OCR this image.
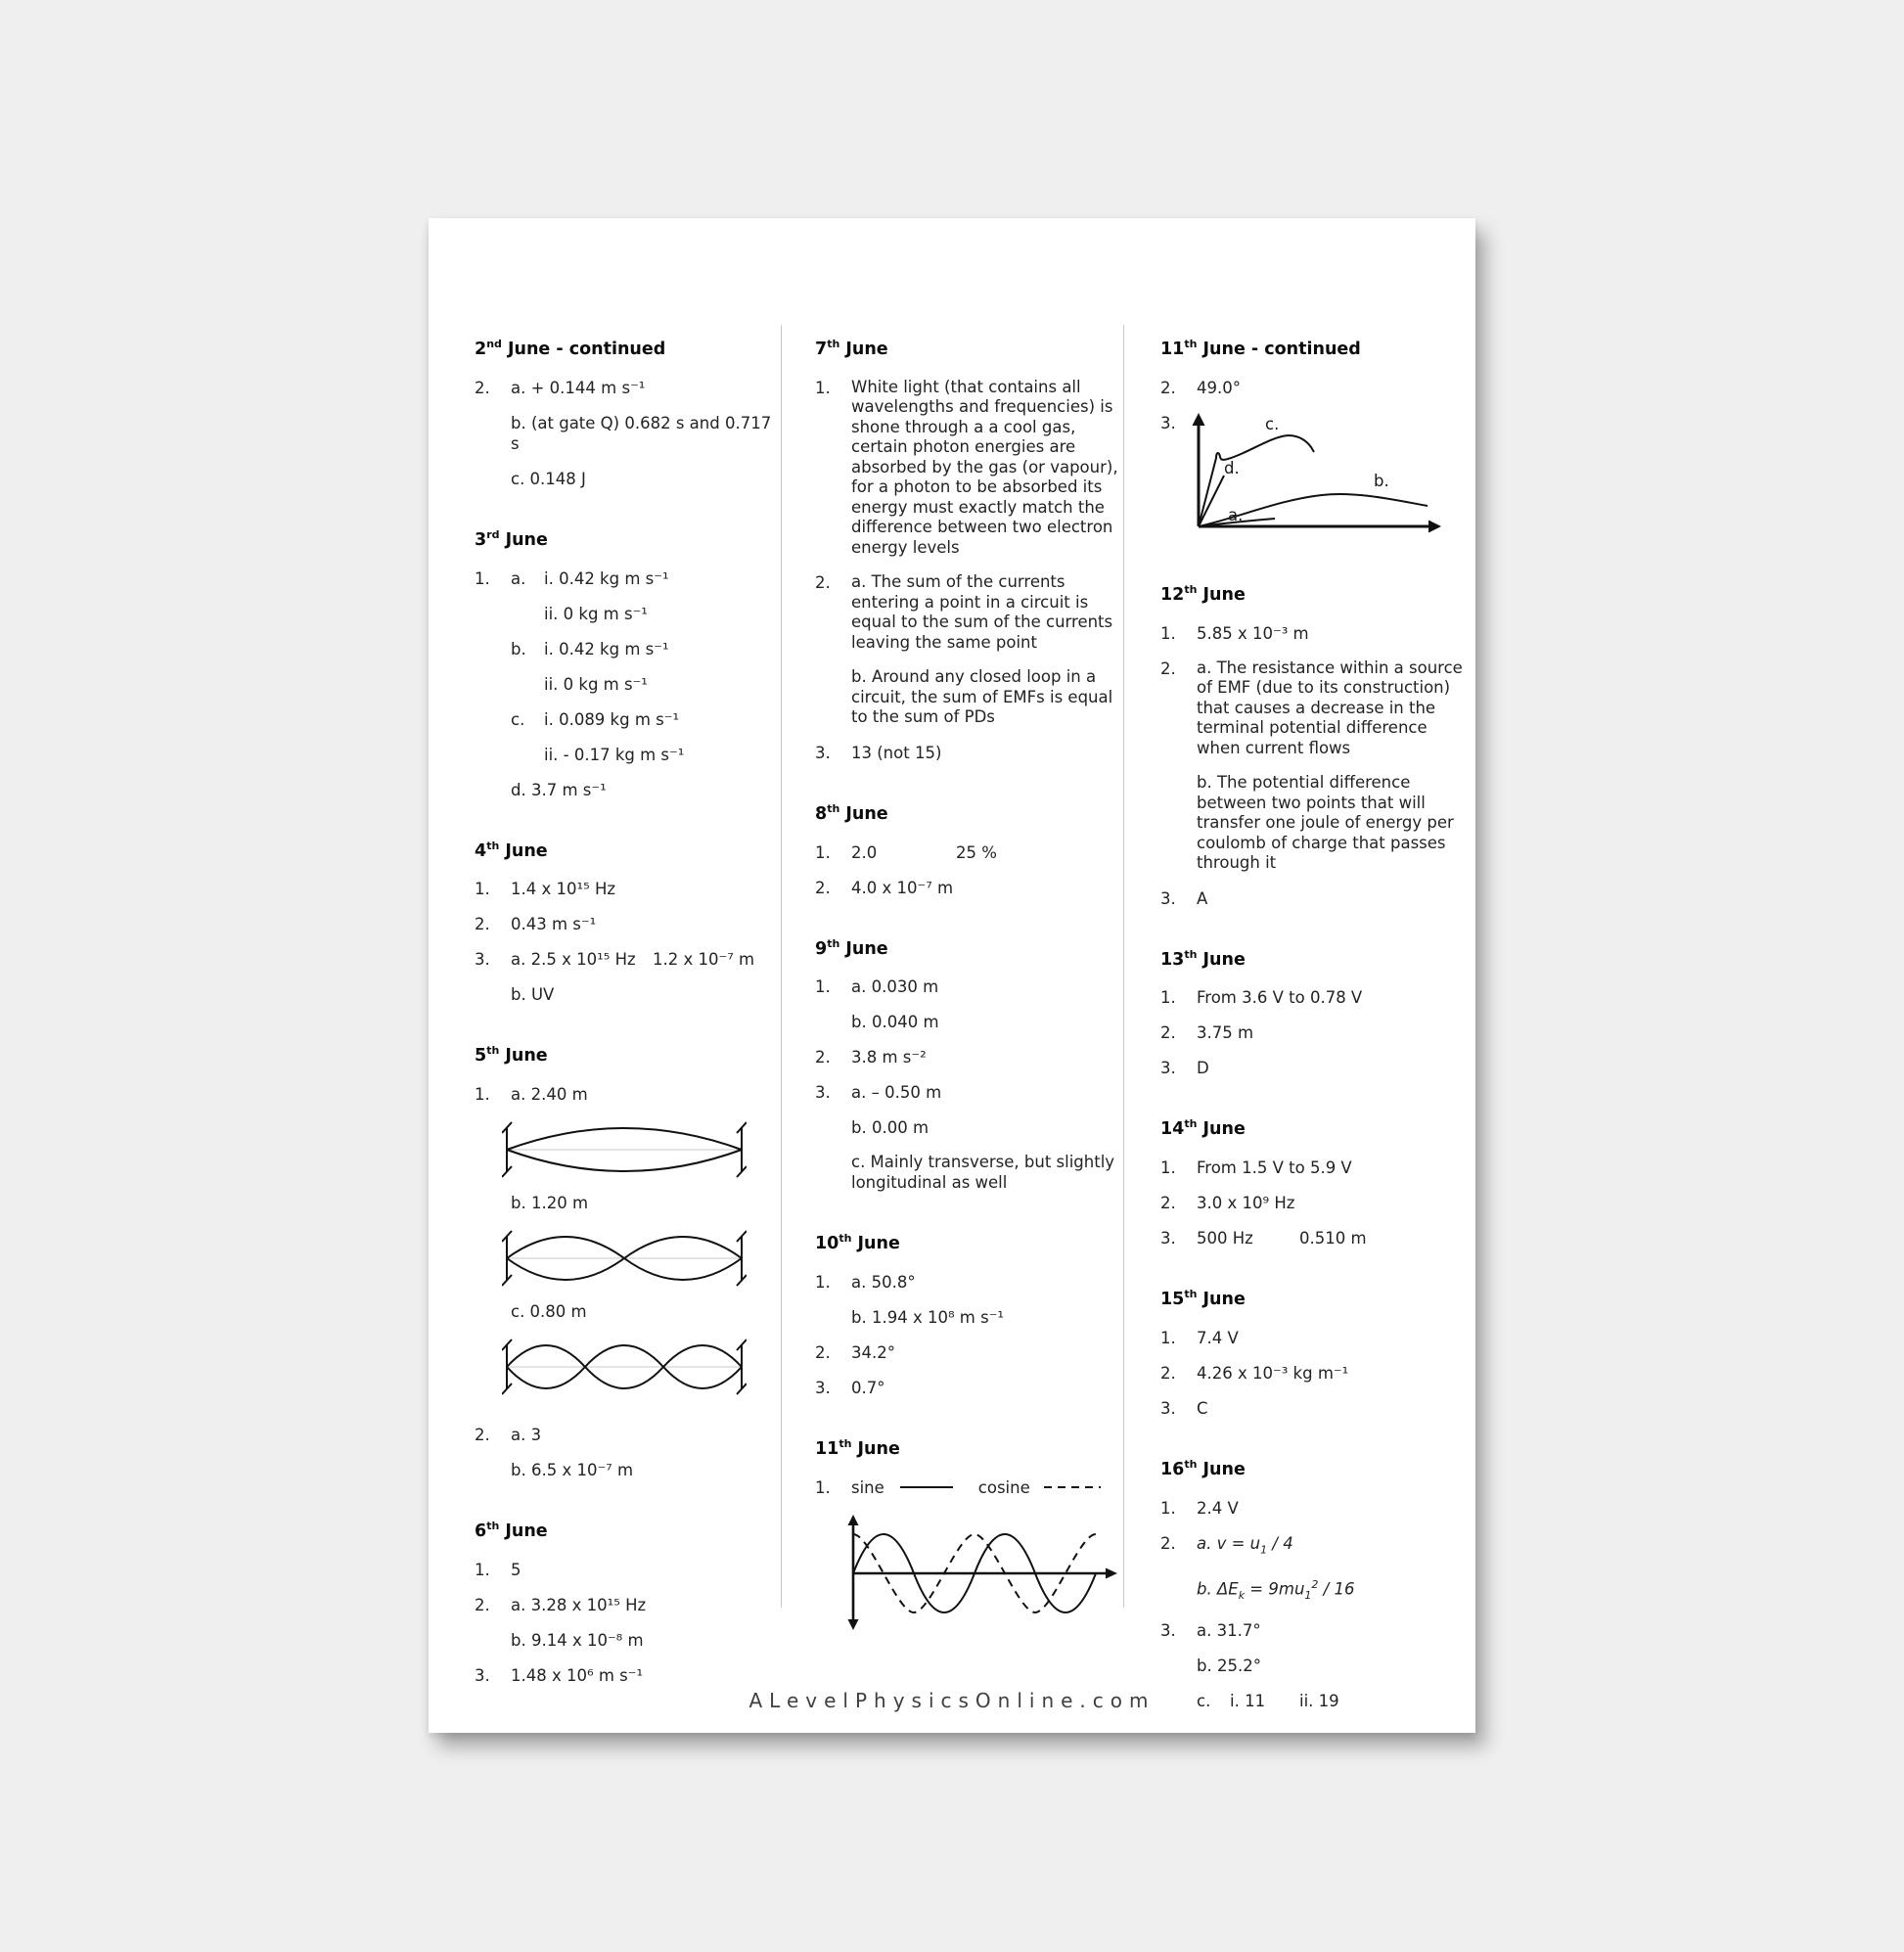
2nd June - continued
2.	a. + 0.144 m s⁻¹
b. (at gate Q) 0.682 s and 0.717 s
c. 0.148 J
3rd June
1.	a.	i. 0.42 kg m s⁻¹
ii. 0 kg m s⁻¹
b.	i. 0.42 kg m s⁻¹
ii. 0 kg m s⁻¹
c.	i. 0.089 kg m s⁻¹
ii. - 0.17 kg m s⁻¹
d. 3.7 m s⁻¹
4th June
1.	1.4 x 10¹⁵ Hz
2.	0.43 m s⁻¹
3.	a. 2.5 x 10¹⁵ Hz 1.2 x 10⁻⁷ m
b. UV
5th June
1.	a. 2.40 m
b. 1.20 m
c. 0.80 m
2.	a. 3
b. 6.5 x 10⁻⁷ m
6th June
1.	5
2.	a. 3.28 x 10¹⁵ Hz
b. 9.14 x 10⁻⁸ m
3.	1.48 x 10⁶ m s⁻¹
7th June
1.	White light (that contains all wavelengths and frequencies) is shone through a a cool gas, certain photon energies are absorbed by the gas (or vapour), for a photon to be absorbed its energy must exactly match the difference between two electron energy levels
2.	a. The sum of the currents entering a point in a circuit is equal to the sum of the currents leaving the same point
b. Around any closed loop in a circuit, the sum of EMFs is equal to the sum of PDs
3.	13 (not 15)
8th June
1.	2.0	25 %
2.	4.0 x 10⁻⁷ m
9th June
1.	a. 0.030 m
b. 0.040 m
2.	3.8 m s⁻²
3.	a. – 0.50 m
b. 0.00 m
c. Mainly transverse, but slightly longitudinal as well
10th June
1.	a. 50.8°
b. 1.94 x 10⁸ m s⁻¹
2.	34.2°
3.	0.7°
11th June
1.	sine	cosine
11th June - continued
2.	49.0°
3.	c.
d.
b.
a.
12th June
1.	5.85 x 10⁻³ m
2.	a. The resistance within a source of EMF (due to its construction) that causes a decrease in the terminal potential difference when current flows
b. The potential difference between two points that will transfer one joule of energy per coulomb of charge that passes through it
3.	A
13th June
1.	From 3.6 V to 0.78 V
2.	3.75 m
3.	D
14th June
1.	From 1.5 V to 5.9 V
2.	3.0 x 10⁹ Hz
3.	500 Hz	0.510 m
15th June
1.	7.4 V
2.	4.26 x 10⁻³ kg m⁻¹
3.	C
16th June
1.	2.4 V
2.	a. $v = u_1 / 4$
b. $\Delta E_k = 9mu_1^2 / 16$
3.	a. 31.7°
b. 25.2°
c.	i. 11 ii. 19
ALevelPhysicsOnline.com
